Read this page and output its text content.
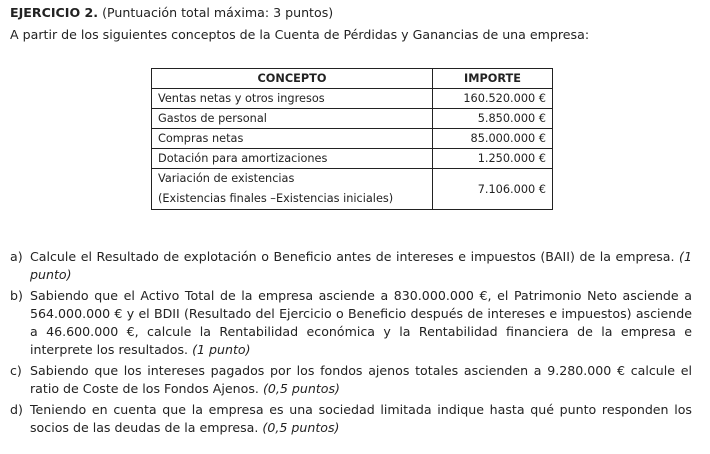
EJERCICIO 2. (Puntuación total máxima: 3 puntos)
A partir de los siguientes conceptos de la Cuenta de Pérdidas y Ganancias de una empresa:
CONCEPTO	IMPORTE
Ventas netas y otros ingresos	160.520.000 €
Gastos de personal	5.850.000 €
Compras netas	85.000.000 €
Dotación para amortizaciones	1.250.000 €

Variación de existencias
(Existencias finales –Existencias iniciales)	7.106.000 €
a) Calcule el Resultado de explotación o Beneficio antes de intereses e impuestos (BAII) de la empresa. (1 punto)
b) Sabiendo que el Activo Total de la empresa asciende a 830.000.000 €, el Patrimonio Neto asciende a 564.000.000 € y el BDII (Resultado del Ejercicio o Beneficio después de intereses e impuestos) asciende a 46.600.000 €, calcule la Rentabilidad económica y la Rentabilidad financiera de la empresa e interprete los resultados. (1 punto)
c) Sabiendo que los intereses pagados por los fondos ajenos totales ascienden a 9.280.000 € calcule el ratio de Coste de los Fondos Ajenos. (0,5 puntos)
d) Teniendo en cuenta que la empresa es una sociedad limitada indique hasta qué punto responden los socios de las deudas de la empresa. (0,5 puntos)
